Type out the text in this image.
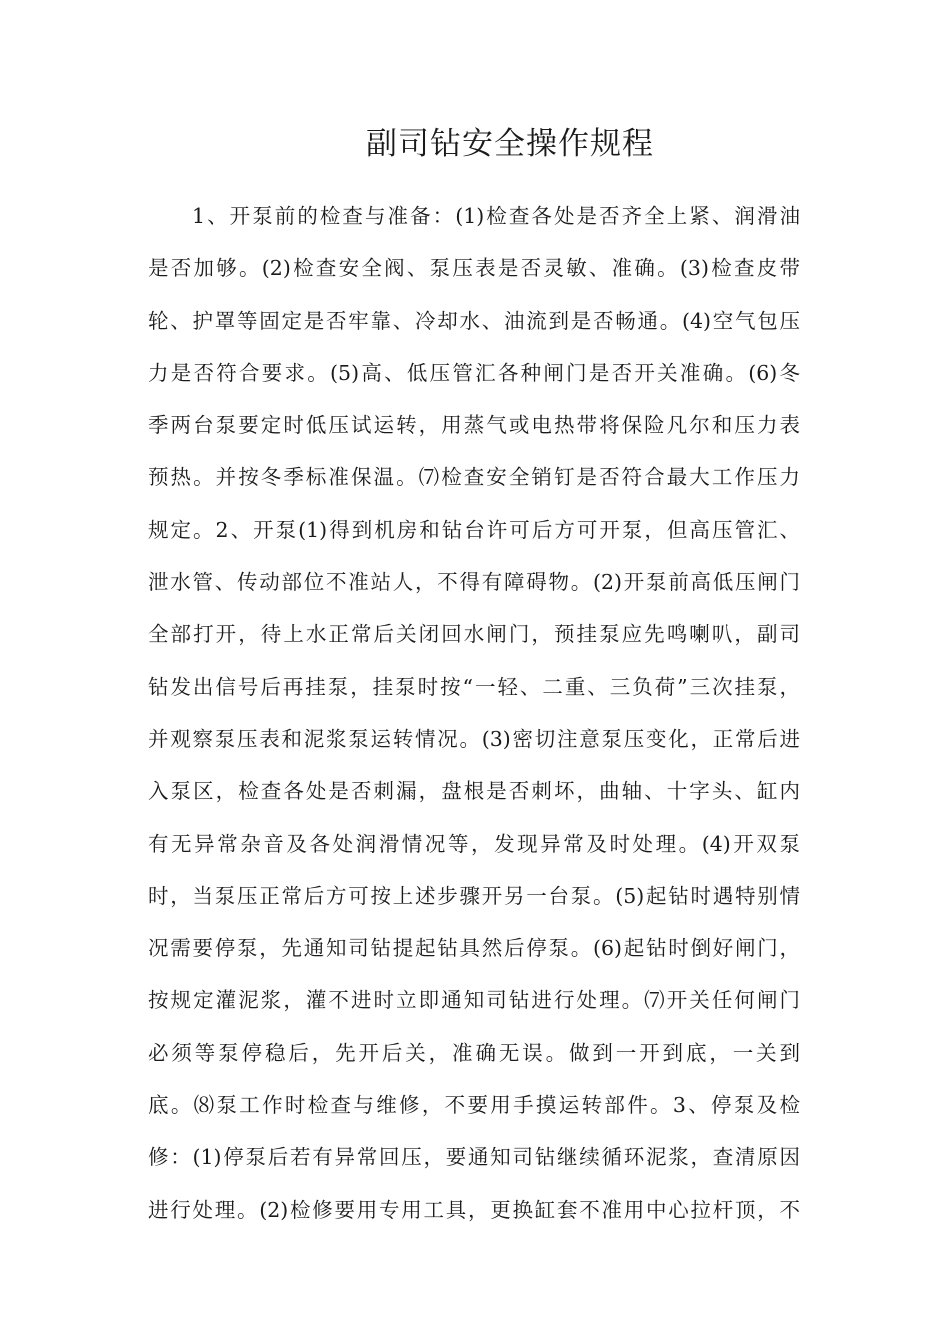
副司钻安全操作规程
1、开泵前的检查与准备：(1)检查各处是否齐全上紧、润滑油
是否加够。(2)检查安全阀、泵压表是否灵敏、准确。(3)检查皮带
轮、护罩等固定是否牢靠、冷却水、油流到是否畅通。(4)空气包压
力是否符合要求。(5)高、低压管汇各种闸门是否开关准确。(6)冬
季两台泵要定时低压试运转，用蒸气或电热带将保险凡尔和压力表
预热。并按冬季标准保温。⑺检查安全销钉是否符合最大工作压力
规定。2、开泵(1)得到机房和钻台许可后方可开泵，但高压管汇、
泄水管、传动部位不准站人，不得有障碍物。(2)开泵前高低压闸门
全部打开，待上水正常后关闭回水闸门，预挂泵应先鸣喇叭，副司
钻发出信号后再挂泵，挂泵时按“一轻、二重、三负荷”三次挂泵，
并观察泵压表和泥浆泵运转情况。(3)密切注意泵压变化，正常后进
入泵区，检查各处是否刺漏，盘根是否刺坏，曲轴、十字头、缸内
有无异常杂音及各处润滑情况等，发现异常及时处理。(4)开双泵
时，当泵压正常后方可按上述步骤开另一台泵。(5)起钻时遇特别情
况需要停泵，先通知司钻提起钻具然后停泵。(6)起钻时倒好闸门，
按规定灌泥浆，灌不进时立即通知司钻进行处理。⑺开关任何闸门
必须等泵停稳后，先开后关，准确无误。做到一开到底，一关到
底。⑻泵工作时检查与维修，不要用手摸运转部件。3、停泵及检
修：(1)停泵后若有异常回压，要通知司钻继续循环泥浆，查清原因
进行处理。(2)检修要用专用工具，更换缸套不准用中心拉杆顶，不
